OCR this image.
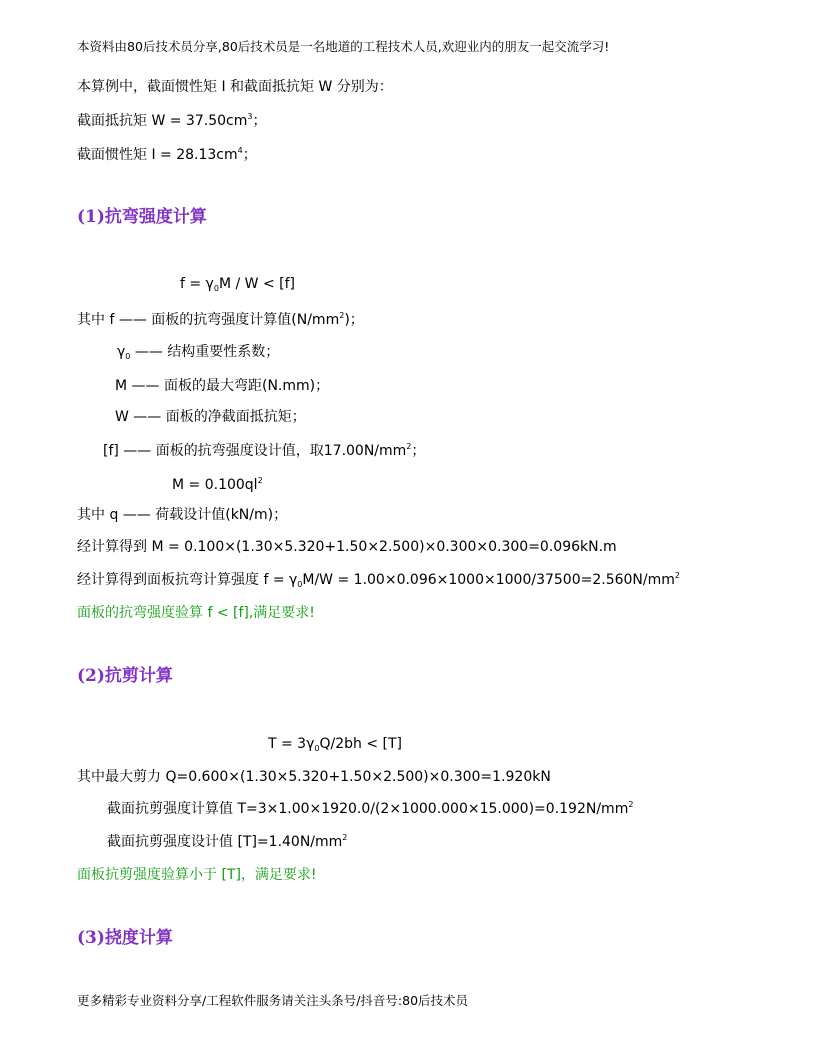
本资料由80后技术员分享,80后技术员是一名地道的工程技术人员,欢迎业内的朋友一起交流学习!
本算例中，截面惯性矩 I 和截面抵抗矩 W 分别为：
截面抵抗矩 $W = 37.50cm^3$；
截面惯性矩 $I = 28.13cm^4$；
(1)抗弯强度计算
$f = \gamma_0M / W < [f]$
其中 f —— 面板的抗弯强度计算值$(N/mm^2)$；
$\gamma_0$ —— 结构重要性系数；
M —— 面板的最大弯距(N.mm)；
W —— 面板的净截面抵抗矩；
[f] —— 面板的抗弯强度设计值，取$17.00N/mm^2$；
$M = 0.100ql^2$
其中 q —— 荷载设计值(kN/m)；
经计算得到 M = 0.100×(1.30×5.320+1.50×2.500)×0.300×0.300=0.096kN.m
经计算得到面板抗弯计算强度 $f = \gamma_0M/W = 1.00\times 0.096\times 1000\times 1000/37500=2.560N/mm^2$
面板的抗弯强度验算 f < [f],满足要求!
(2)抗剪计算
$T = 3\gamma_0Q/2bh < [T]$
其中最大剪力 Q=0.600×(1.30×5.320+1.50×2.500)×0.300=1.920kN
截面抗剪强度计算值 $T=3\times 1.00\times 1920.0/(2\times 1000.000\times 15.000)=0.192N/mm^2$
截面抗剪强度设计值 $[T]=1.40N/mm^2$
面板抗剪强度验算小于 [T]，满足要求!
(3)挠度计算
更多精彩专业资料分享/工程软件服务请关注头条号/抖音号:80后技术员
